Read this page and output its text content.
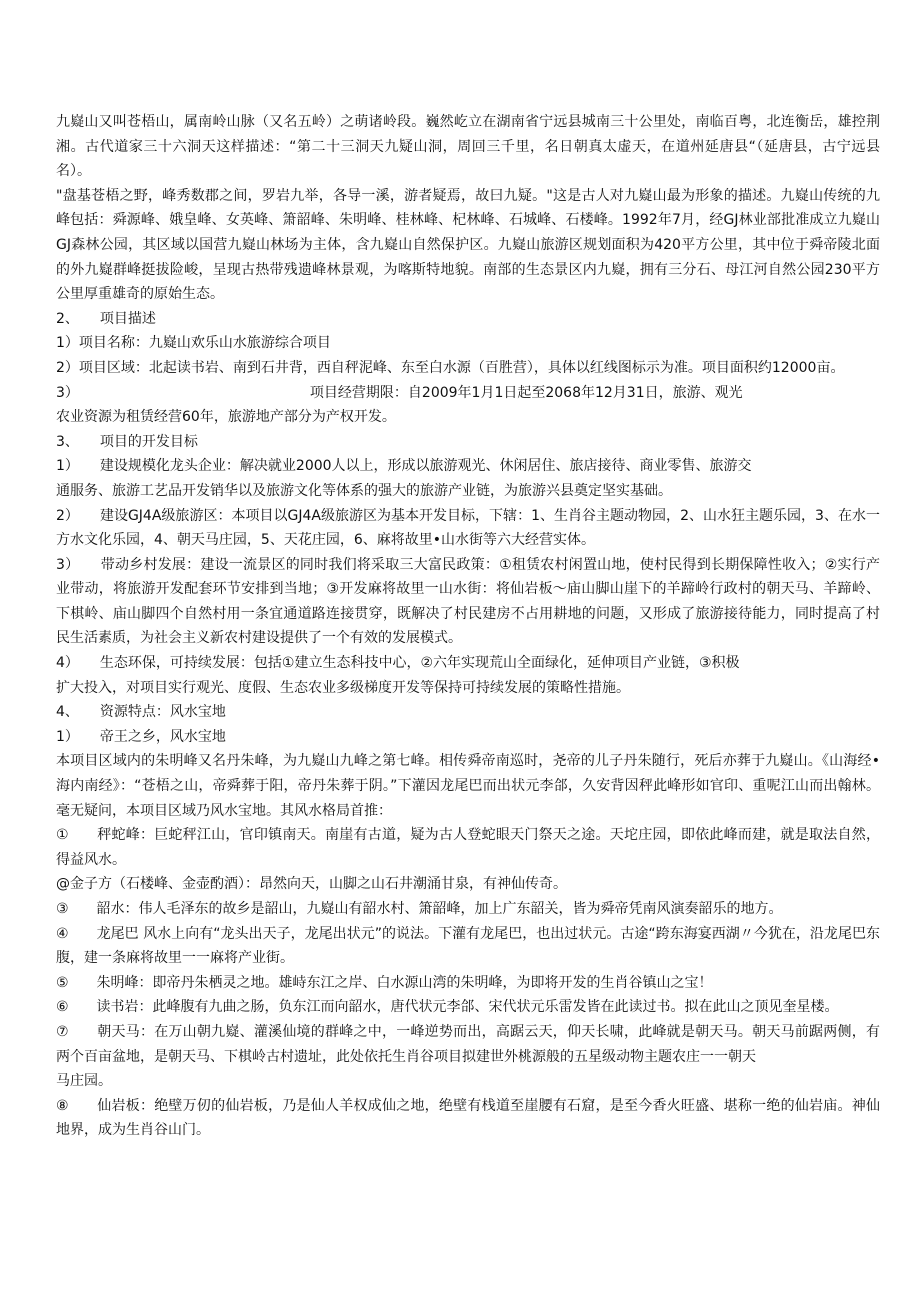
九嶷山又叫苍梧山，属南岭山脉（又名五岭）之萌诸岭段。巍然屹立在湖南省宁远县城南三十公里处，南临百粤，北连衡岳，雄控荆湘。古代道家三十六洞天这样描述：“第二十三洞天九疑山洞，周回三千里，名日朝真太虚天，在道州延唐县“（延唐县，古宁远县名）。

"盘基苍梧之野，峰秀数郡之间，罗岩九举，各导一溪，游者疑焉，故曰九疑。"这是古人对九嶷山最为形象的描述。九嶷山传统的九峰包括：舜源峰、娥皇峰、女英峰、箫韶峰、朱明峰、桂林峰、杞林峰、石城峰、石楼峰。1992年7月，经GJ林业部批准成立九嶷山GJ森林公园，其区域以国营九嶷山林场为主体，含九嶷山自然保护区。九嶷山旅游区规划面积为420平方公里，其中位于舜帝陵北面的外九嶷群峰挺拔险峻，呈现古热带残遗峰林景观，为喀斯特地貌。南部的生态景区内九嶷，拥有三分石、母江河自然公园230平方公里厚重雄奇的原始生态。

2、　　项目描述

1）项目名称：九嶷山欢乐山水旅游综合项目

2）项目区域：北起读书岩、南到石井背，西自秤泥峰、东至白水源（百胜营），具体以红线图标示为准。项目面积约12000亩。

3）　　　　　　　　　　　　　　　　　项目经营期限：自2009年1月1日起至2068年12月31日，旅游、观光

农业资源为租赁经营60年，旅游地产部分为产权开发。

3、　　项目的开发目标

1）　　建设规模化龙头企业：解决就业2000人以上，形成以旅游观光、休闲居住、旅店接待、商业零售、旅游交

通服务、旅游工艺品开发销华以及旅游文化等体系的强大的旅游产业链，为旅游兴县奠定坚实基础。

2）　　建设GJ4A级旅游区：本项目以GJ4A级旅游区为基本开发目标，下辖：1、生肖谷主题动物园，2、山水狂主题乐园，3、在水一方水文化乐园，4、朝天马庄园，5、天花庄园，6、麻将故里•山水街等六大经营实体。

3）　　带动乡村发展：建设一流景区的同时我们将采取三大富民政策：①租赁农村闲置山地，使村民得到长期保障性收入；②实行产业带动，将旅游开发配套环节安排到当地；③开发麻将故里一山水街：将仙岩板〜庙山脚山崖下的羊蹄岭行政村的朝天马、羊蹄岭、下棋岭、庙山脚四个自然村用一条宜通道路连接贯穿，既解决了村民建房不占用耕地的问题，又形成了旅游接待能力，同时提高了村民生活素质，为社会主义新农村建设提供了一个有效的发展模式。

4）　　生态环保，可持续发展：包括①建立生态科技中心，②六年实现荒山全面绿化，延伸项目产业链，③积极

扩大投入，对项目实行观光、度假、生态农业多级梯度开发等保持可持续发展的策略性措施。

4、　　资源特点：风水宝地

1）　　帝王之乡，风水宝地

本项目区域内的朱明峰又名丹朱峰，为九嶷山九峰之第七峰。相传舜帝南巡时，尧帝的儿子丹朱随行，死后亦葬于九嶷山。《山海经•海内南经》：“苍梧之山，帝舜葬于阳，帝丹朱葬于阴。”下灌因龙尾巴而出状元李郃，久安背因秤此峰形如官印、重呢江山而出翰林。毫无疑问，本项目区域乃风水宝地。其风水格局首推：

①　　秤蛇峰：巨蛇秤江山，官印镇南天。南崖有古道，疑为古人登蛇眼天门祭天之途。天坨庄园，即依此峰而建，就是取法自然，得益风水。

@金子方（石楼峰、金壶酌酒）：昂然向天，山脚之山石井潮涌甘泉，有神仙传奇。

③　　韶水：伟人毛泽东的故乡是韶山，九嶷山有韶水村、箫韶峰，加上广东韶关，皆为舜帝凭南风演奏韶乐的地方。

④　　龙尾巴 风水上向有“龙头出天子，龙尾出状元”的说法。下灌有龙尾巴，也出过状元。古途“跨东海宴西湖〃今犹在，沿龙尾巴东腹，建一条麻将故里一一麻将产业街。

⑤　　朱明峰：即帝丹朱栖灵之地。雄峙东江之岸、白水源山湾的朱明峰，为即将开发的生肖谷镇山之宝！

⑥　　读书岩：此峰腹有九曲之肠，负东江而向韶水，唐代状元李郃、宋代状元乐雷发皆在此读过书。拟在此山之顶见奎星楼。

⑦　　朝天马：在万山朝九嶷、灌溪仙境的群峰之中，一峰逆势而出，高踞云天，仰天长啸，此峰就是朝天马。朝天马前踞两侧，有两个百亩盆地，是朝天马、下棋岭古村遗址，此处依托生肖谷项目拟建世外桃源般的五星级动物主题农庄一一朝天

马庄园。

⑧　　仙岩板：绝壁万仞的仙岩板，乃是仙人羊权成仙之地，绝壁有栈道至崖腰有石窟，是至今香火旺盛、堪称一绝的仙岩庙。神仙地界，成为生肖谷山门。
